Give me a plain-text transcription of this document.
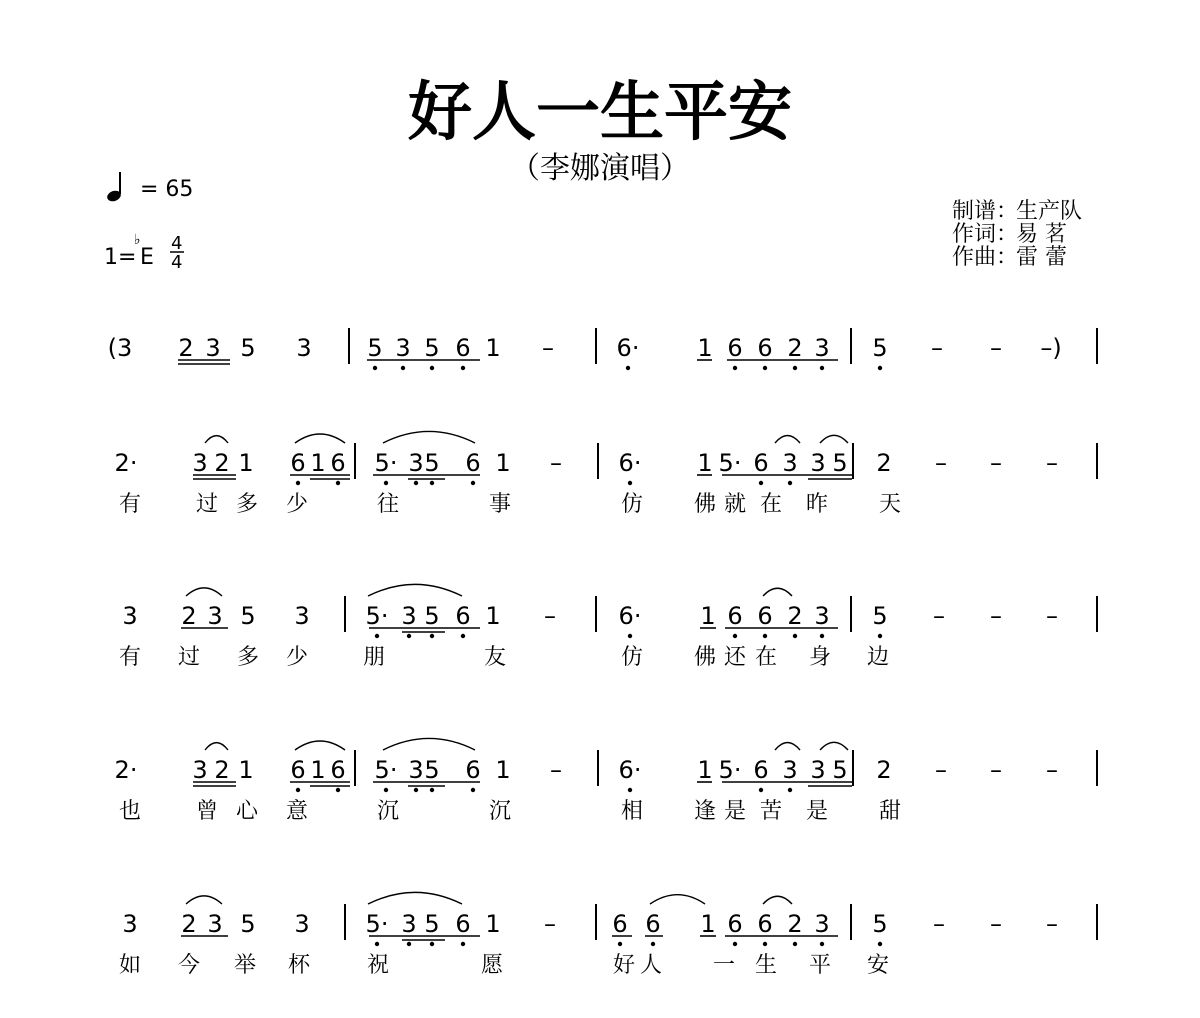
好人一生平安
（李娜演唱）
= 65
1=
♭
E
4
4
制谱：
生产队
作词：
易 茗
作曲：
雷 蕾
(3 2 3 5 3 5 3 5 6 1 –	6· 1 6 6 2 3 5 – – –)
2· 3 2 1 6 1 6 5· 3 5 6 1 – 6· 1 5· 6 3 3 5 2 – – –
有 过 多 少	往	事	仿 佛 就 在 昨 天
3 2 3 5 3 5· 3 5 6 1 –	6· 1 6 6 2 3 5 – – –
有 过 多 少 朋	友	仿 佛 还 在 身 边
2· 3 2 1 6 1 6 5· 3 5 6 1 – 6· 1 5· 6 3 3 5 2 – – –
也 曾 心 意	沉	沉	相 逢 是 苦 是 甜
3 2 3 5 3 5· 3 5 6 1 – 6 6 1 6 6 2 3 5 – – –
如 今 举 杯	祝	愿	好 人 一 生 平 安
